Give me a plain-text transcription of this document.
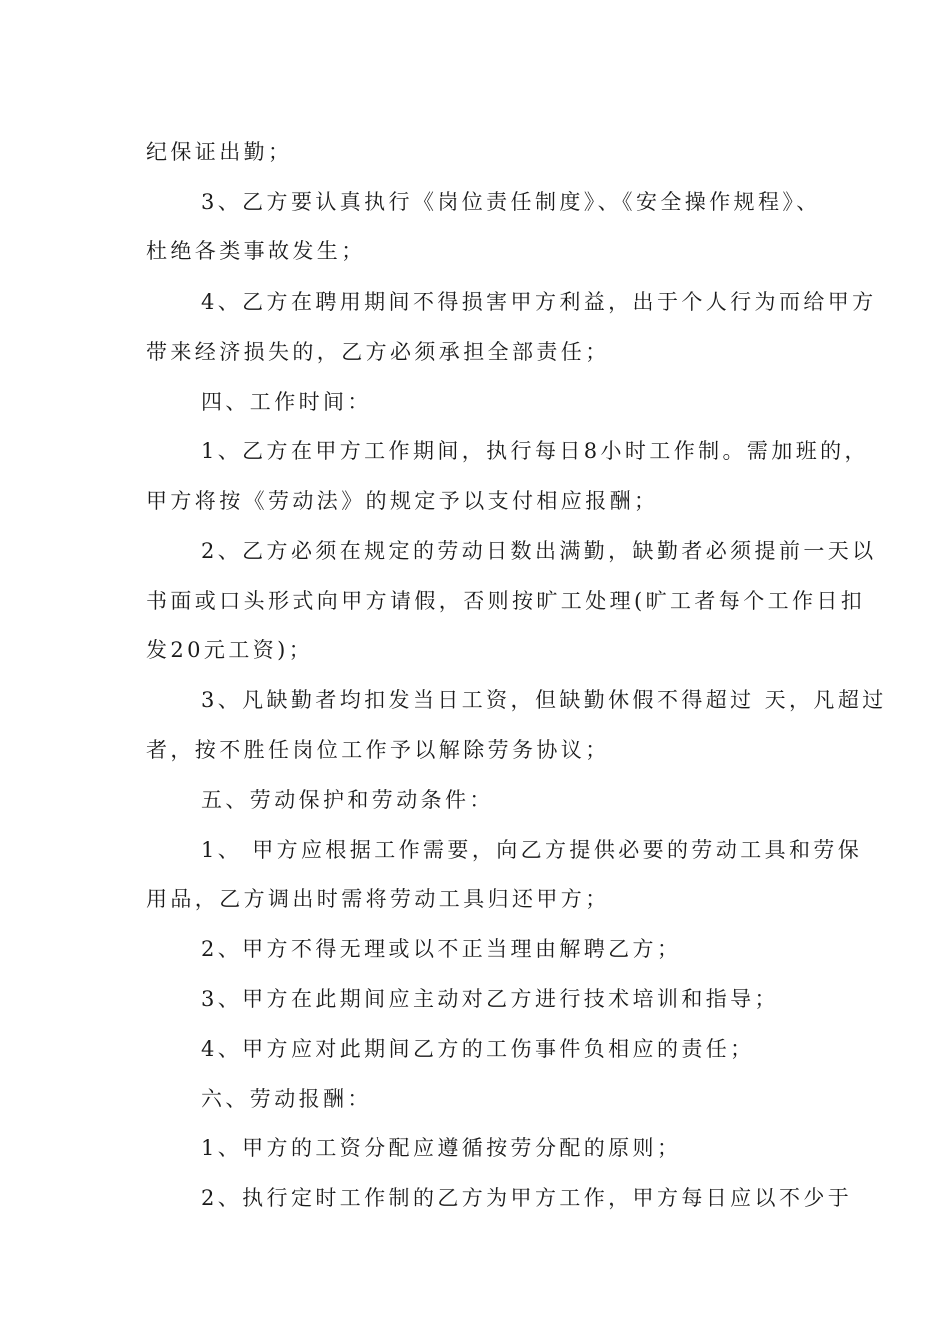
纪保证出勤；
3、乙方要认真执行《岗位责任制度》、《安全操作规程》、
杜绝各类事故发生；
4、乙方在聘用期间不得损害甲方利益，出于个人行为而给甲方
带来经济损失的，乙方必须承担全部责任；
四、工作时间：
1、乙方在甲方工作期间，执行每日8小时工作制。需加班的，
甲方将按《劳动法》的规定予以支付相应报酬；
2、乙方必须在规定的劳动日数出满勤，缺勤者必须提前一天以
书面或口头形式向甲方请假，否则按旷工处理(旷工者每个工作日扣
发20元工资)；
3、凡缺勤者均扣发当日工资，但缺勤休假不得超过 天，凡超过
者，按不胜任岗位工作予以解除劳务协议；
五、劳动保护和劳动条件：
1、 甲方应根据工作需要，向乙方提供必要的劳动工具和劳保
用品，乙方调出时需将劳动工具归还甲方；
2、甲方不得无理或以不正当理由解聘乙方；
3、甲方在此期间应主动对乙方进行技术培训和指导；
4、甲方应对此期间乙方的工伤事件负相应的责任；
六、劳动报酬：
1、甲方的工资分配应遵循按劳分配的原则；
2、执行定时工作制的乙方为甲方工作，甲方每日应以不少于
